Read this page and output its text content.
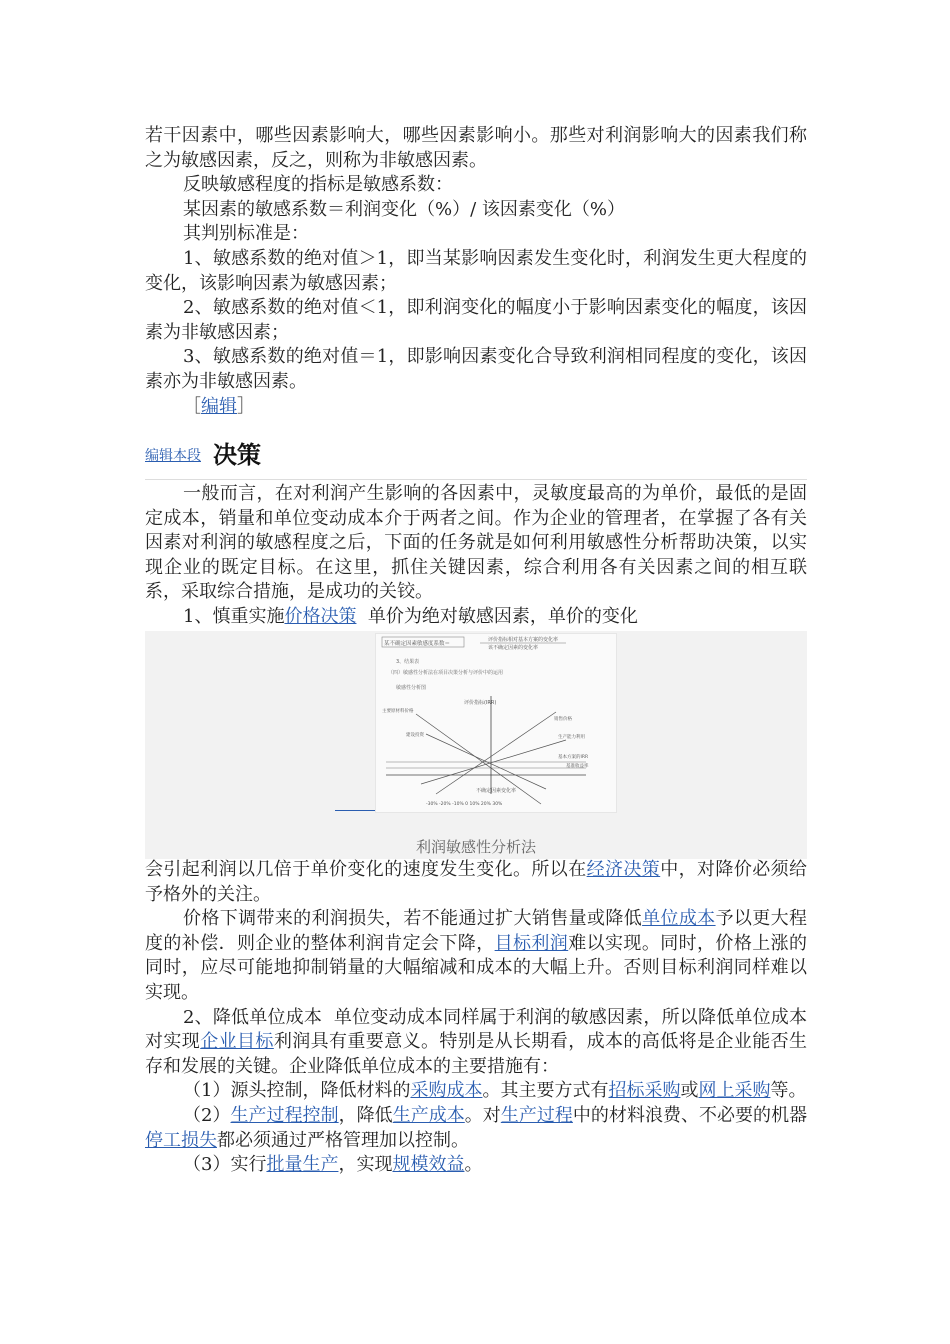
若干因素中，哪些因素影响大，哪些因素影响小。那些对利润影响大的因素我们称之为敏感因素，反之，则称为非敏感因素。

反映敏感程度的指标是敏感系数：

某因素的敏感系数＝利润变化（%）/ 该因素变化（%）

其判别标准是：

1、敏感系数的绝对值＞1，即当某影响因素发生变化时，利润发生更大程度的变化，该影响因素为敏感因素；

2、敏感系数的绝对值＜1，即利润变化的幅度小于影响因素变化的幅度，该因素为非敏感因素；

3、敏感系数的绝对值＝1，即影响因素变化合导致利润相同程度的变化，该因素亦为非敏感因素。

［编辑］

编辑本段 决策

一般而言，在对利润产生影响的各因素中，灵敏度最高的为单价，最低的是固定成本，销量和单位变动成本介于两者之间。作为企业的管理者，在掌握了各有关因素对利润的敏感程度之后，下面的任务就是如何利用敏感性分析帮助决策，以实现企业的既定目标。在这里，抓住关键因素，综合利用各有关因素之间的相互联系，采取综合措施，是成功的关铰。

1、慎重实施价格决策  单价为绝对敏感因素，单价的变化

某不确定因素敏感度系数＝
评价指标相对基本方案的变化率
该不确定因素的变化率
3、结果表
（四）敏感性分析法在项目决策分析与评价中的运用
敏感性分析图
评价指标(IRR)
主要原材料价格
建设投资
销售价格
生产能力利用
基本方案的IRR
基准收益率
不确定因素变化率
-30% -20% -10% 0 10% 20% 30%
利润敏感性分析法

会引起利润以几倍于单价变化的速度发生变化。所以在经济决策中，对降价必须给予格外的关注。

价格下调带来的利润损失，若不能通过扩大销售量或降低单位成本予以更大程度的补偿．则企业的整体利润肯定会下降，目标利润难以实现。同时，价格上涨的同时，应尽可能地抑制销量的大幅缩减和成本的大幅上升。否则目标利润同样难以实现。

2、降低单位成本  单位变动成本同样属于利润的敏感因素，所以降低单位成本对实现企业目标利润具有重要意义。特别是从长期看，成本的高低将是企业能否生存和发展的关键。企业降低单位成本的主要措施有：

（1）源头控制，降低材料的采购成本。其主要方式有招标采购或网上采购等。

（2）生产过程控制，降低生产成本。对生产过程中的材料浪费、不必要的机器停工损失都必须通过严格管理加以控制。

（3）实行批量生产，实现规模效益。
